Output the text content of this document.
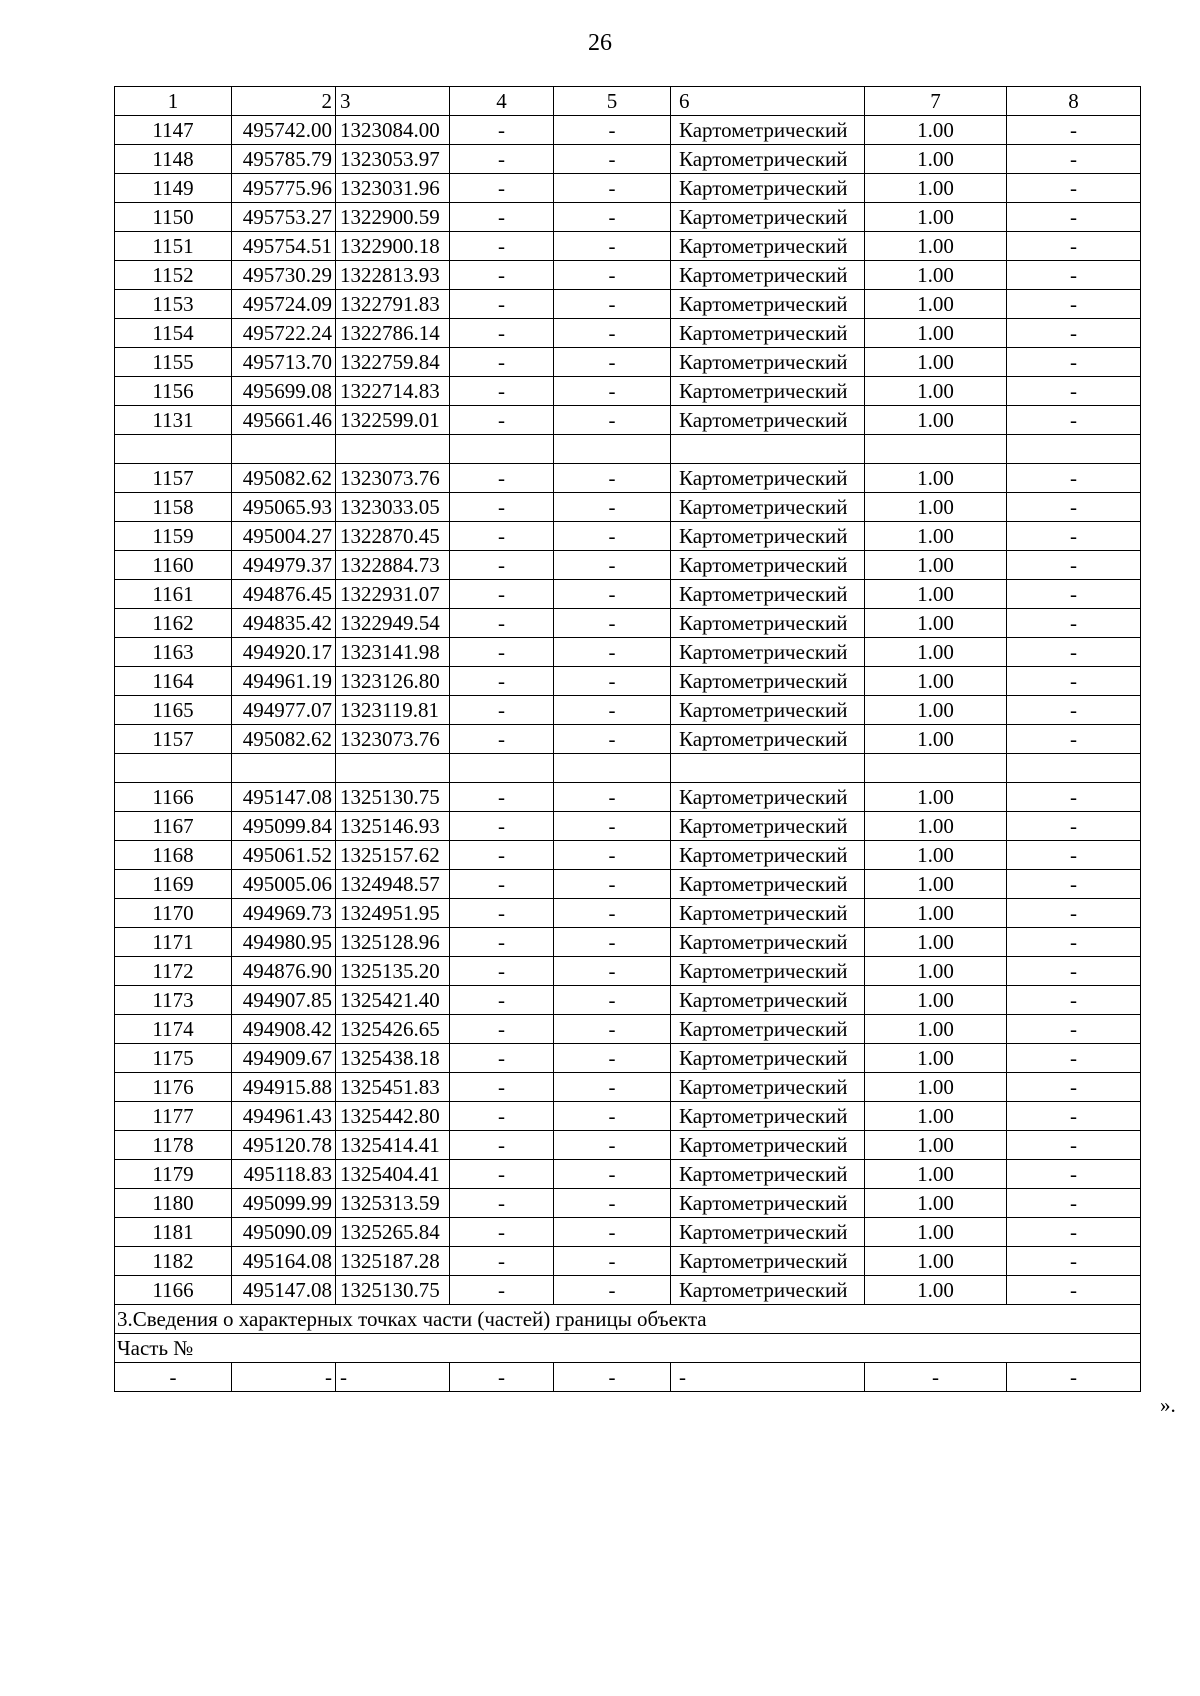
26
1	2	3	4	5	6	7	8
1147	495742.00	1323084.00	-	-	Картометрический	1.00	-
1148	495785.79	1323053.97	-	-	Картометрический	1.00	-
1149	495775.96	1323031.96	-	-	Картометрический	1.00	-
1150	495753.27	1322900.59	-	-	Картометрический	1.00	-
1151	495754.51	1322900.18	-	-	Картометрический	1.00	-
1152	495730.29	1322813.93	-	-	Картометрический	1.00	-
1153	495724.09	1322791.83	-	-	Картометрический	1.00	-
1154	495722.24	1322786.14	-	-	Картометрический	1.00	-
1155	495713.70	1322759.84	-	-	Картометрический	1.00	-
1156	495699.08	1322714.83	-	-	Картометрический	1.00	-
1131	495661.46	1322599.01	-	-	Картометрический	1.00	-

1157	495082.62	1323073.76	-	-	Картометрический	1.00	-
1158	495065.93	1323033.05	-	-	Картометрический	1.00	-
1159	495004.27	1322870.45	-	-	Картометрический	1.00	-
1160	494979.37	1322884.73	-	-	Картометрический	1.00	-
1161	494876.45	1322931.07	-	-	Картометрический	1.00	-
1162	494835.42	1322949.54	-	-	Картометрический	1.00	-
1163	494920.17	1323141.98	-	-	Картометрический	1.00	-
1164	494961.19	1323126.80	-	-	Картометрический	1.00	-
1165	494977.07	1323119.81	-	-	Картометрический	1.00	-
1157	495082.62	1323073.76	-	-	Картометрический	1.00	-

1166	495147.08	1325130.75	-	-	Картометрический	1.00	-
1167	495099.84	1325146.93	-	-	Картометрический	1.00	-
1168	495061.52	1325157.62	-	-	Картометрический	1.00	-
1169	495005.06	1324948.57	-	-	Картометрический	1.00	-
1170	494969.73	1324951.95	-	-	Картометрический	1.00	-
1171	494980.95	1325128.96	-	-	Картометрический	1.00	-
1172	494876.90	1325135.20	-	-	Картометрический	1.00	-
1173	494907.85	1325421.40	-	-	Картометрический	1.00	-
1174	494908.42	1325426.65	-	-	Картометрический	1.00	-
1175	494909.67	1325438.18	-	-	Картометрический	1.00	-
1176	494915.88	1325451.83	-	-	Картометрический	1.00	-
1177	494961.43	1325442.80	-	-	Картометрический	1.00	-
1178	495120.78	1325414.41	-	-	Картометрический	1.00	-
1179	495118.83	1325404.41	-	-	Картометрический	1.00	-
1180	495099.99	1325313.59	-	-	Картометрический	1.00	-
1181	495090.09	1325265.84	-	-	Картометрический	1.00	-
1182	495164.08	1325187.28	-	-	Картометрический	1.00	-
1166	495147.08	1325130.75	-	-	Картометрический	1.00	-
3.Сведения о характерных точках части (частей) границы объекта							
Часть №							
-	-	-	-	-	-	-	-
».
